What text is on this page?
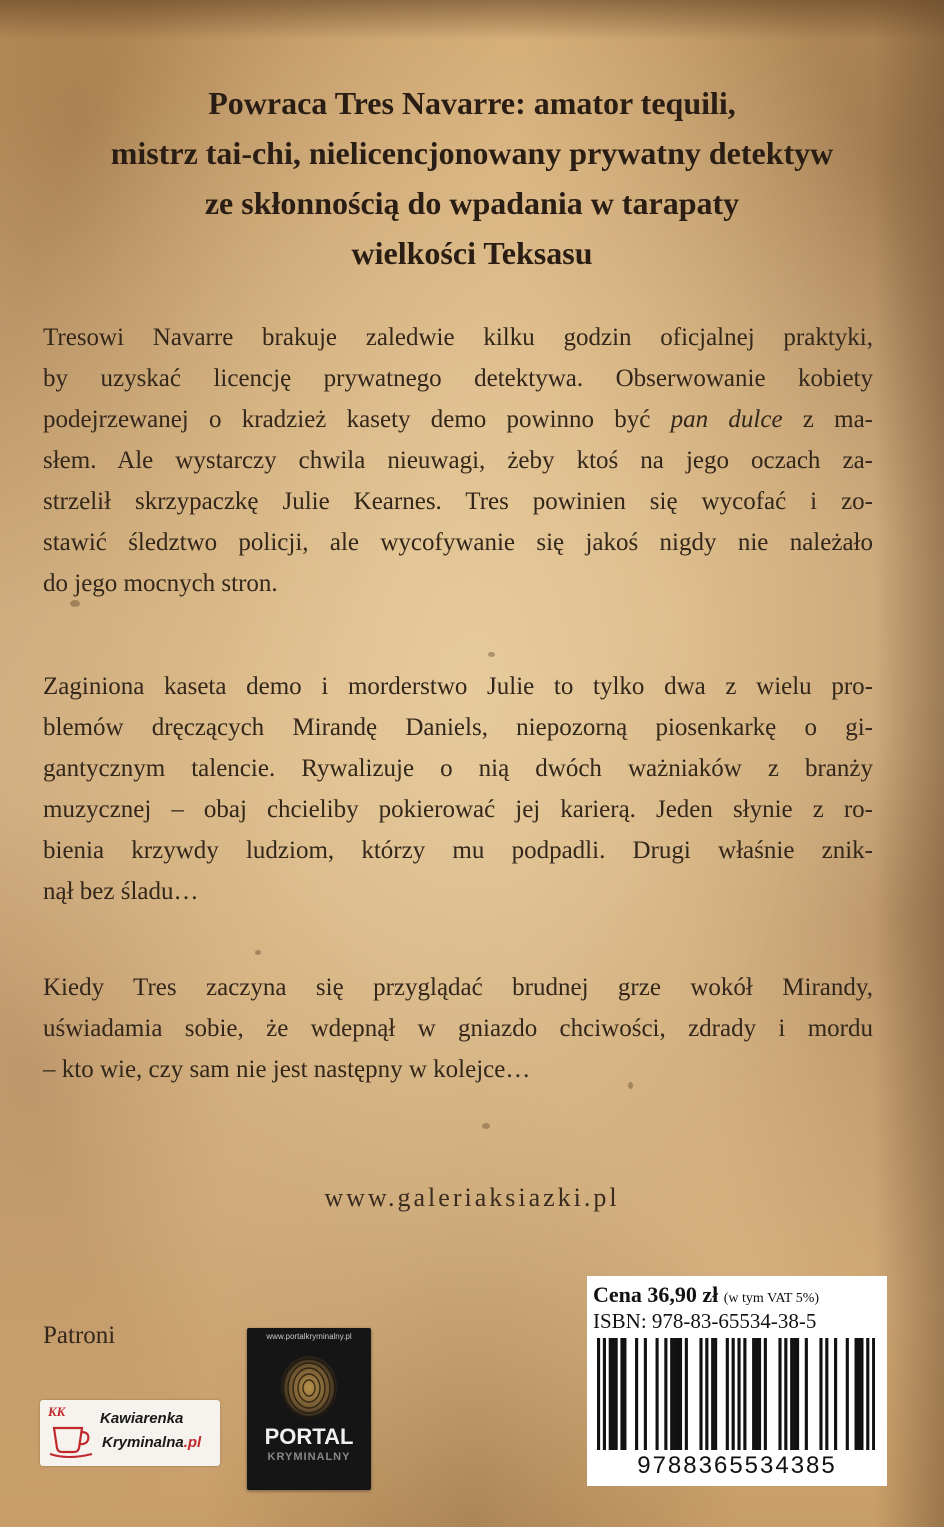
Powraca Tres Navarre: amator tequili,
mistrz tai-chi, nielicencjonowany prywatny detektyw
ze skłonnością do wpadania w tarapaty
wielkości Teksasu
Tresowi Navarre brakuje zaledwie kilku godzin oficjalnej praktyki,
by uzyskać licencję prywatnego detektywa. Obserwowanie kobiety
podejrzewanej o kradzież kasety demo powinno być pan dulce z ma-
słem. Ale wystarczy chwila nieuwagi, żeby ktoś na jego oczach za-
strzelił skrzypaczkę Julie Kearnes. Tres powinien się wycofać i zo-
stawić śledztwo policji, ale wycofywanie się jakoś nigdy nie należało
do jego mocnych stron.
Zaginiona kaseta demo i morderstwo Julie to tylko dwa z wielu pro-
blemów dręczących Mirandę Daniels, niepozorną piosenkarkę o gi-
gantycznym talencie. Rywalizuje o nią dwóch ważniaków z branży
muzycznej – obaj chcieliby pokierować jej karierą. Jeden słynie z ro-
bienia krzywdy ludziom, którzy mu podpadli. Drugi właśnie znik-
nął bez śladu…
Kiedy Tres zaczyna się przyglądać brudnej grze wokół Mirandy,
uświadamia sobie, że wdepnął w gniazdo chciwości, zdrady i mordu
– kto wie, czy sam nie jest następny w kolejce…
www.galeriaksiazki.pl
Patroni
KK Kawiarenka
Kryminalna.pl
www.portalkryminalny.pl
PORTAL
KRYMINALNY
Cena 36,90 zł (w tym VAT 5%)
ISBN: 978-83-65534-38-5
9788365534385
